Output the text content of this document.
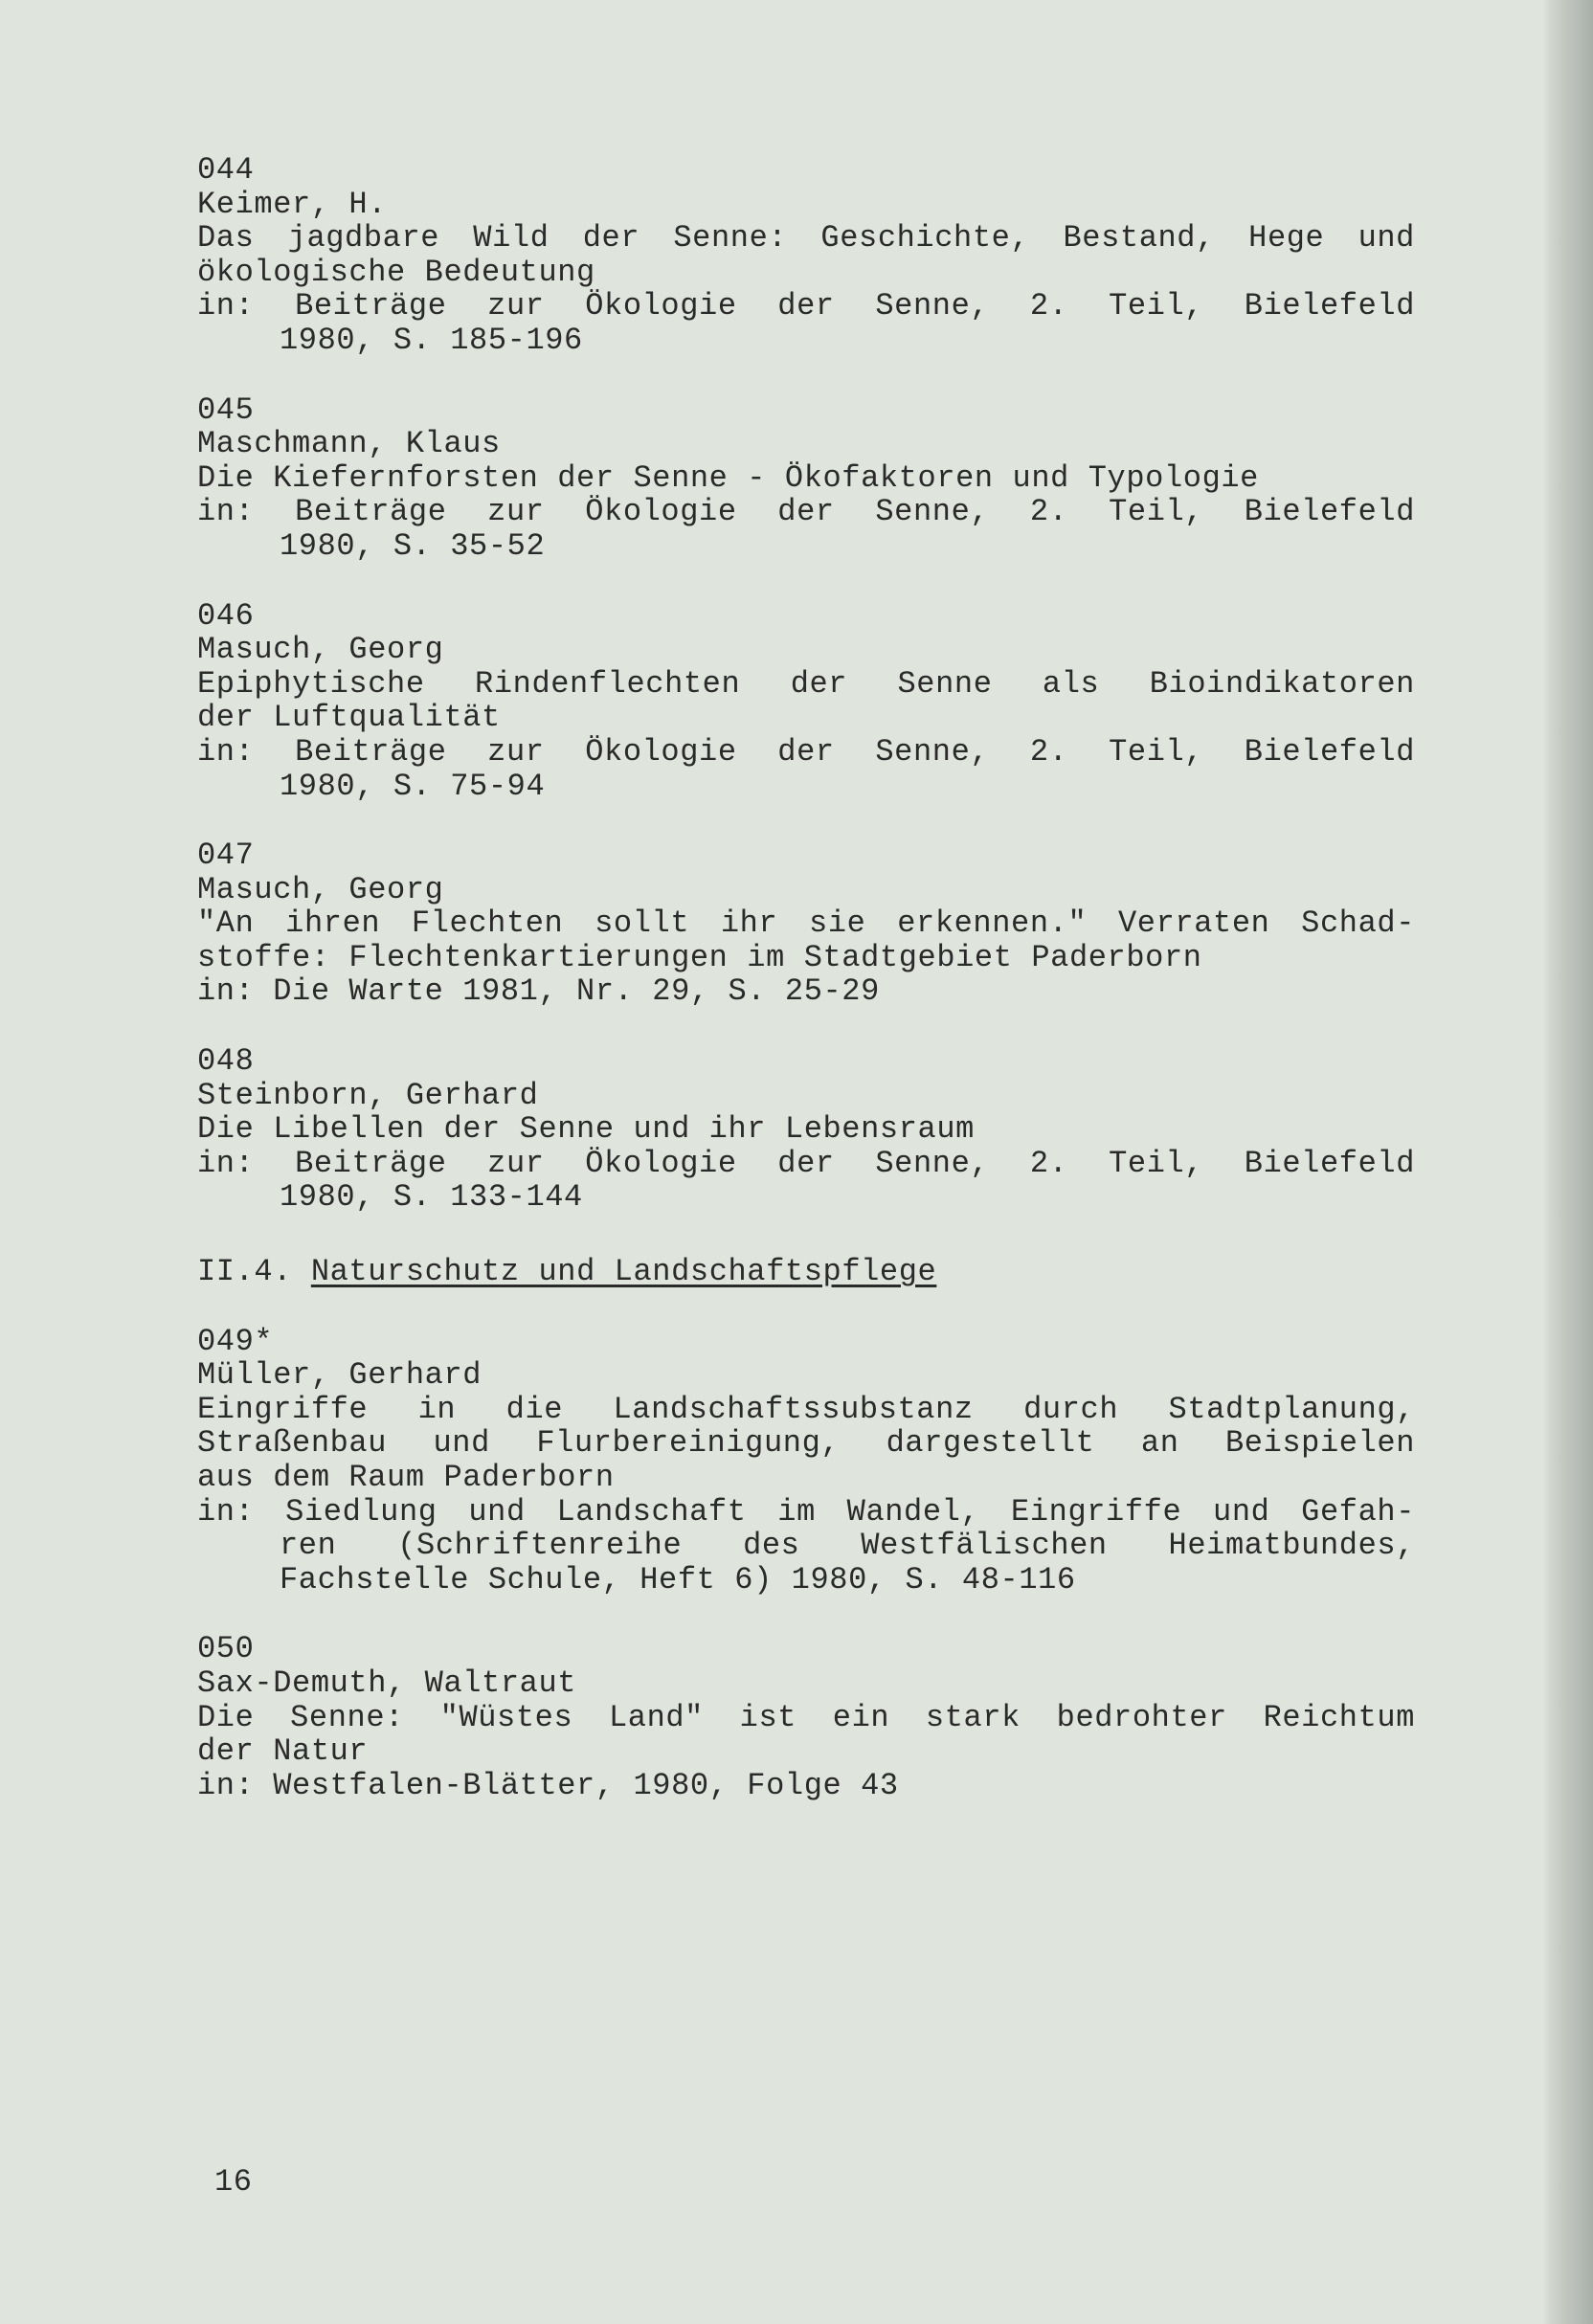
044
Keimer, H.
Das jagdbare Wild der Senne: Geschichte, Bestand, Hege und
ökologische Bedeutung
in: Beiträge zur Ökologie der Senne, 2. Teil, Bielefeld
1980, S. 185-196
045
Maschmann, Klaus
Die Kiefernforsten der Senne - Ökofaktoren und Typologie
in: Beiträge zur Ökologie der Senne, 2. Teil, Bielefeld
1980, S. 35-52
046
Masuch, Georg
Epiphytische Rindenflechten der Senne als Bioindikatoren
der Luftqualität
in: Beiträge zur Ökologie der Senne, 2. Teil, Bielefeld
1980, S. 75-94
047
Masuch, Georg
"An ihren Flechten sollt ihr sie erkennen." Verraten Schad-
stoffe: Flechtenkartierungen im Stadtgebiet Paderborn
in: Die Warte 1981, Nr. 29, S. 25-29
048
Steinborn, Gerhard
Die Libellen der Senne und ihr Lebensraum
in: Beiträge zur Ökologie der Senne, 2. Teil, Bielefeld
1980, S. 133-144
II.4. Naturschutz und Landschaftspflege
049*
Müller, Gerhard
Eingriffe in die Landschaftssubstanz durch Stadtplanung,
Straßenbau und Flurbereinigung, dargestellt an Beispielen
aus dem Raum Paderborn
in: Siedlung und Landschaft im Wandel, Eingriffe und Gefah-
ren (Schriftenreihe des Westfälischen Heimatbundes,
Fachstelle Schule, Heft 6) 1980, S. 48-116
050
Sax-Demuth, Waltraut
Die Senne: "Wüstes Land" ist ein stark bedrohter Reichtum
der Natur
in: Westfalen-Blätter, 1980, Folge 43
16
